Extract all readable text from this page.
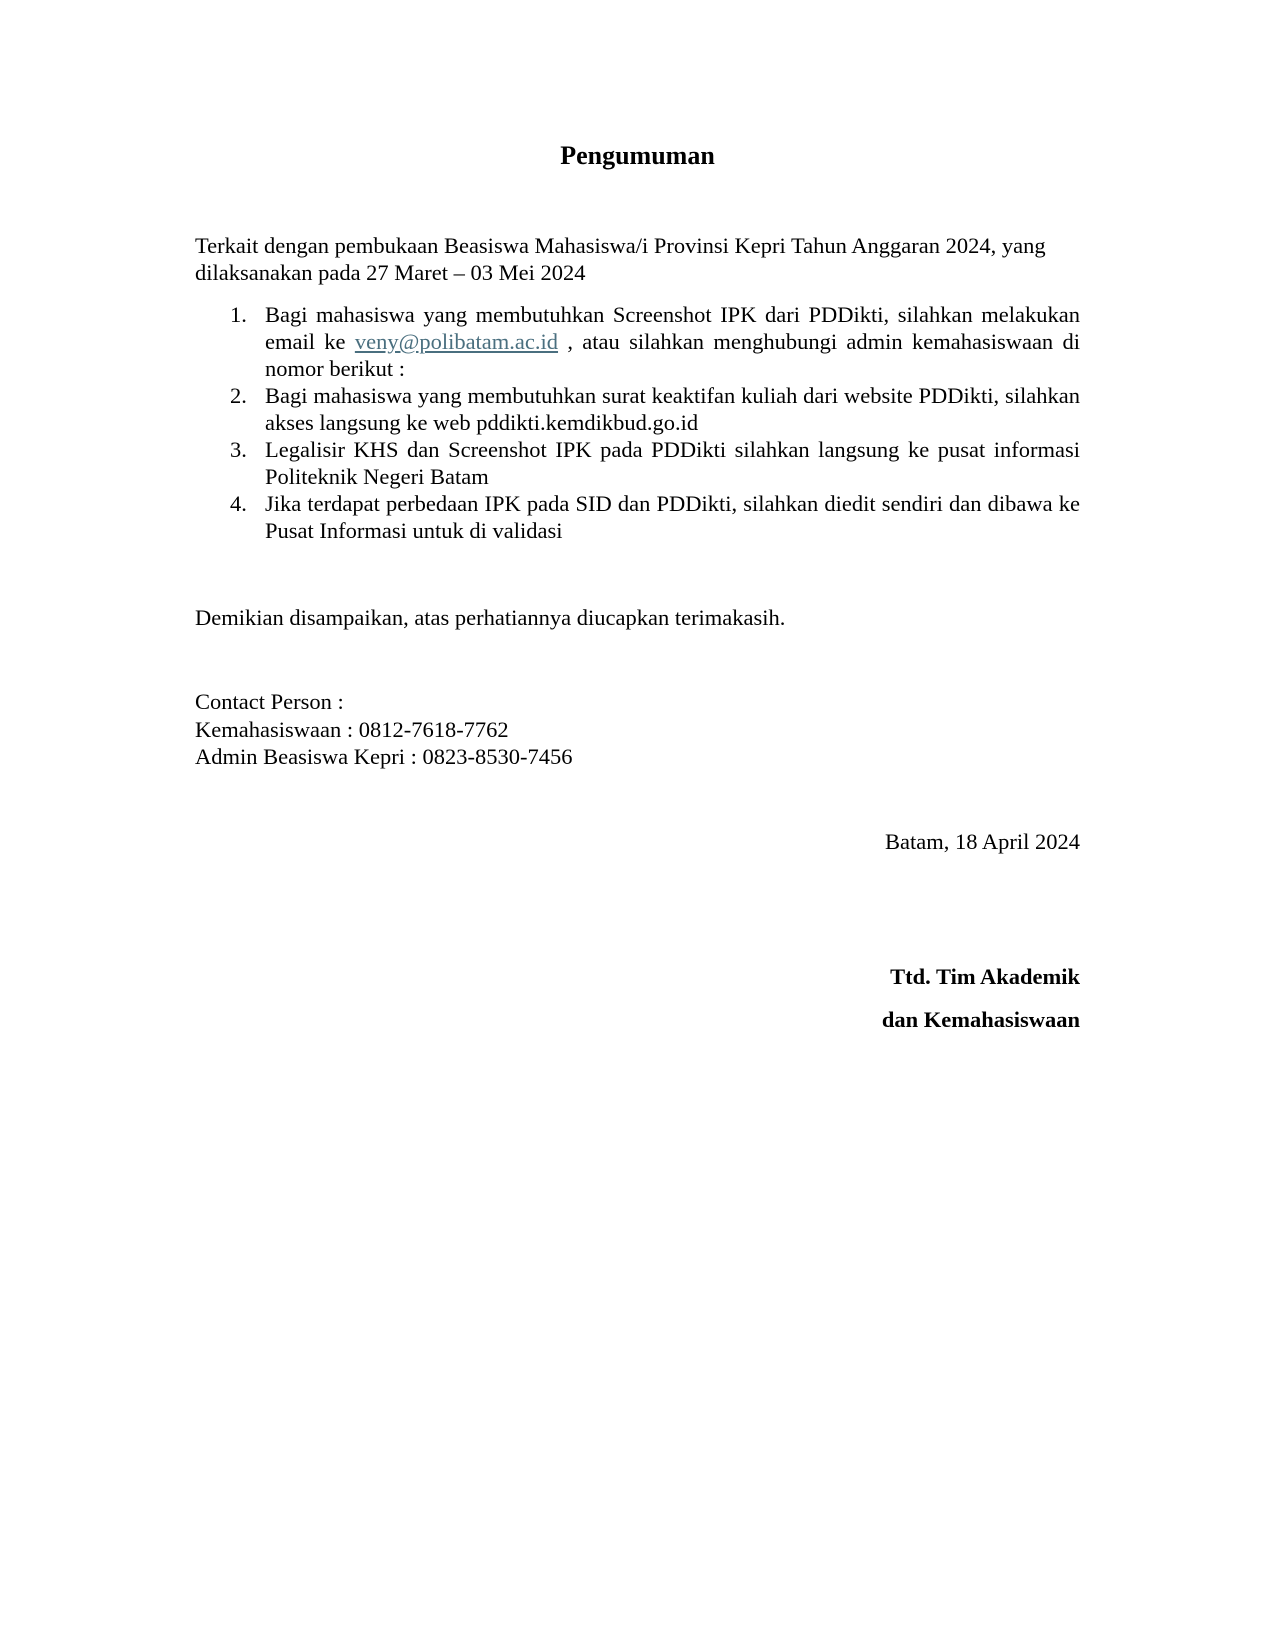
Pengumuman

Terkait dengan pembukaan Beasiswa Mahasiswa/i Provinsi Kepri Tahun Anggaran 2024, yang dilaksanakan pada 27 Maret – 03 Mei 2024

1. Bagi mahasiswa yang membutuhkan Screenshot IPK dari PDDikti, silahkan melakukan email ke veny@polibatam.ac.id , atau silahkan menghubungi admin kemahasiswaan di nomor berikut :
2. Bagi mahasiswa yang membutuhkan surat keaktifan kuliah dari website PDDikti, silahkan akses langsung ke web pddikti.kemdikbud.go.id
3. Legalisir KHS dan Screenshot IPK pada PDDikti silahkan langsung ke pusat informasi Politeknik Negeri Batam
4. Jika terdapat perbedaan IPK pada SID dan PDDikti, silahkan diedit sendiri dan dibawa ke Pusat Informasi untuk di validasi

Demikian disampaikan, atas perhatiannya diucapkan terimakasih.

Contact Person :
Kemahasiswaan : 0812-7618-7762
Admin Beasiswa Kepri : 0823-8530-7456
Batam, 18 April 2024
Ttd. Tim Akademik
dan Kemahasiswaan
